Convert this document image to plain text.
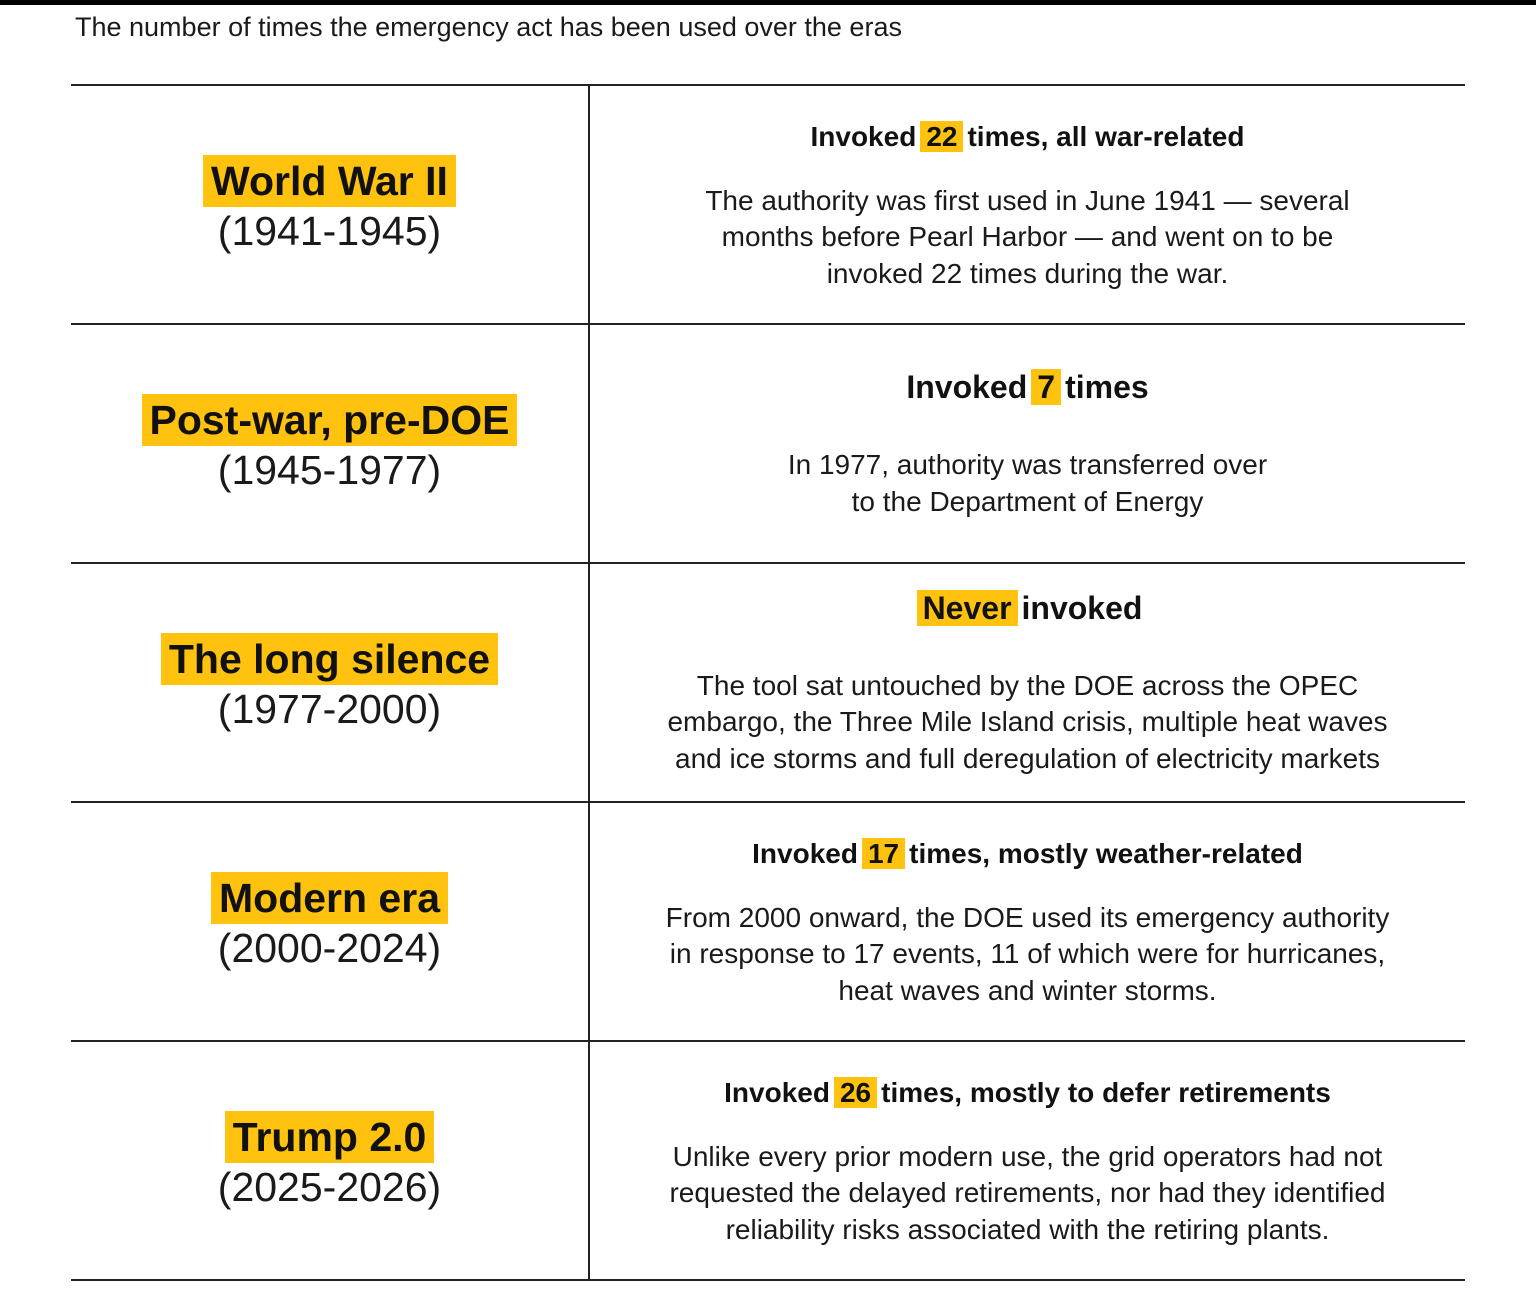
The number of times the emergency act has been used over the eras
World War II
(1941-1945)
Invoked 22 times, all war-related
The authority was first used in June 1941 — several
months before Pearl Harbor — and went on to be
invoked 22 times during the war.
Post-war, pre-DOE
(1945-1977)
Invoked 7 times
In 1977, authority was transferred over
to the Department of Energy
The long silence
(1977-2000)
Never invoked
The tool sat untouched by the DOE across the OPEC
embargo, the Three Mile Island crisis, multiple heat waves
and ice storms and full deregulation of electricity markets
Modern era
(2000-2024)
Invoked 17 times, mostly weather-related
From 2000 onward, the DOE used its emergency authority
in response to 17 events, 11 of which were for hurricanes,
heat waves and winter storms.
Trump 2.0
(2025-2026)
Invoked 26 times, mostly to defer retirements
Unlike every prior modern use, the grid operators had not
requested the delayed retirements, nor had they identified
reliability risks associated with the retiring plants.
